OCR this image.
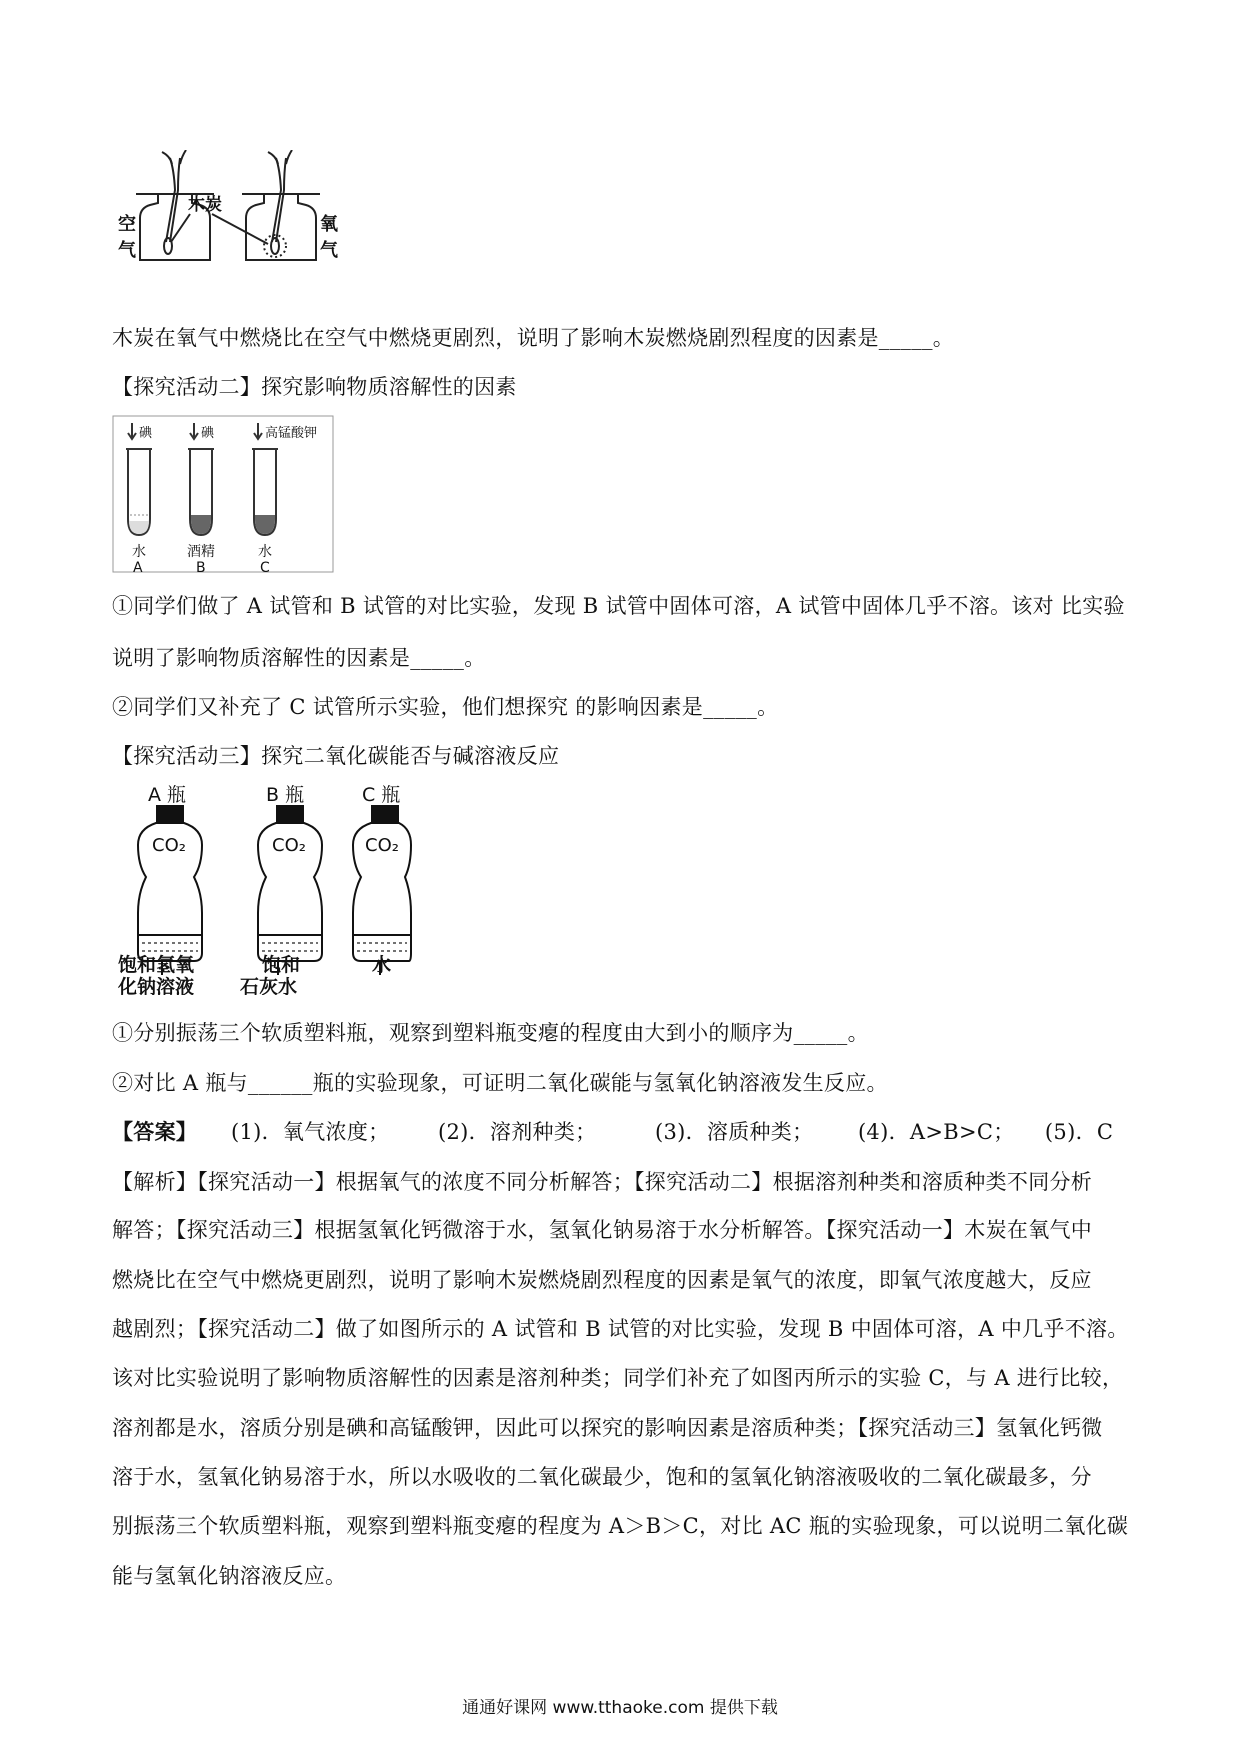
空
气
木炭
氧
气
木炭在氧气中燃烧比在空气中燃烧更剧烈，说明了影响木炭燃烧剧烈程度的因素是_____。
【探究活动二】探究影响物质溶解性的因素
碘	碘	高锰酸钾
水	酒精	水
A	B	C
①同学们做了 A 试管和 B 试管的对比实验，发现 B 试管中固体可溶，A 试管中固体几乎不溶。该对 比实验
说明了影响物质溶解性的因素是_____。
②同学们又补充了 C 试管所示实验，他们想探究 的影响因素是_____。
【探究活动三】探究二氧化碳能否与碱溶液反应
A 瓶	B 瓶	C 瓶
CO₂	CO₂	CO₂
饱和氢氧
化钠溶液
饱和
石灰水
水
①分别振荡三个软质塑料瓶，观察到塑料瓶变瘪的程度由大到小的顺序为_____。
②对比 A 瓶与______瓶的实验现象，可证明二氧化碳能与氢氧化钠溶液发生反应。
【答案】 (1)．氧气浓度； (2)．溶剂种类；	(3)．溶质种类； (4)．A>B>C； (5)．C
【解析】【探究活动一】根据氧气的浓度不同分析解答；【探究活动二】根据溶剂种类和溶质种类不同分析
解答；【探究活动三】根据氢氧化钙微溶于水，氢氧化钠易溶于水分析解答。【探究活动一】木炭在氧气中
燃烧比在空气中燃烧更剧烈，说明了影响木炭燃烧剧烈程度的因素是氧气的浓度，即氧气浓度越大，反应
越剧烈；【探究活动二】做了如图所示的 A 试管和 B 试管的对比实验，发现 B 中固体可溶，A 中几乎不溶。
该对比实验说明了影响物质溶解性的因素是溶剂种类；同学们补充了如图丙所示的实验 C，与 A 进行比较，
溶剂都是水，溶质分别是碘和高锰酸钾，因此可以探究的影响因素是溶质种类；【探究活动三】氢氧化钙微
溶于水，氢氧化钠易溶于水，所以水吸收的二氧化碳最少，饱和的氢氧化钠溶液吸收的二氧化碳最多，分
别振荡三个软质塑料瓶，观察到塑料瓶变瘪的程度为 A＞B＞C，对比 AC 瓶的实验现象，可以说明二氧化碳
能与氢氧化钠溶液反应。
通通好课网 www.tthaoke.com 提供下载
